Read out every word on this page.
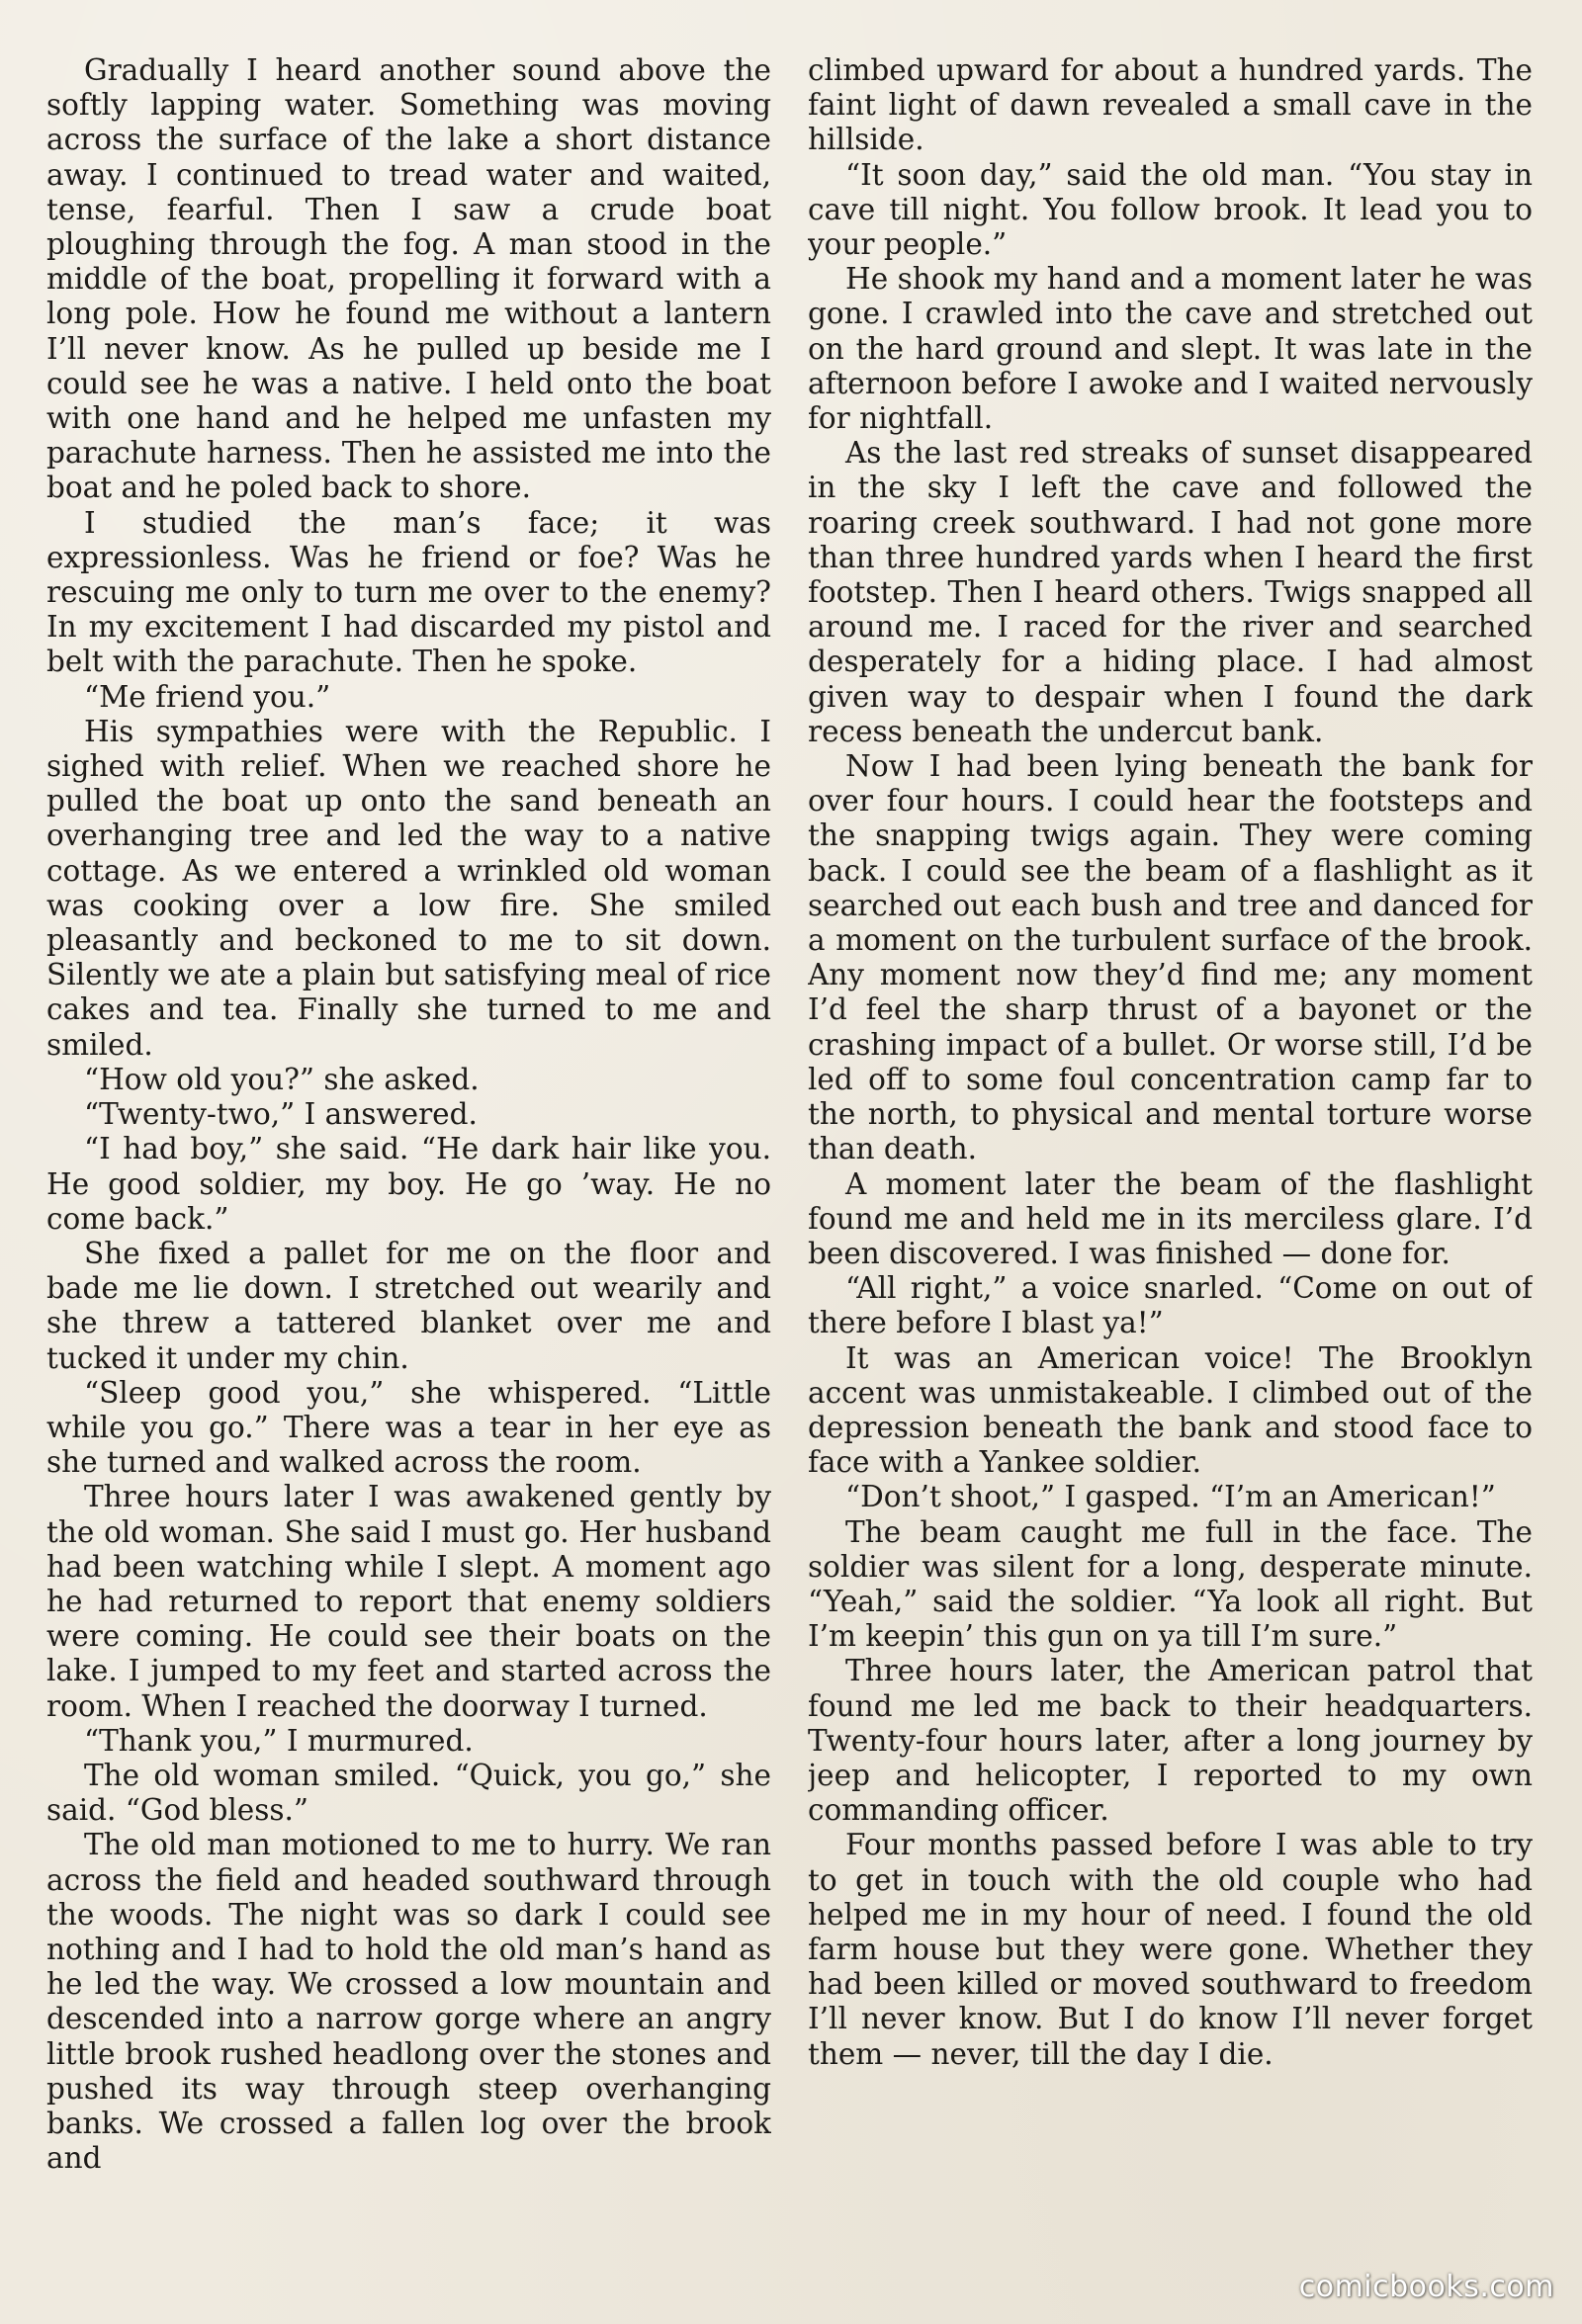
Gradually I heard another sound above the softly lapping water. Something was moving across the surface of the lake a short distance away. I continued to tread water and waited, tense, fearful. Then I saw a crude boat ploughing through the fog. A man stood in the middle of the boat, propelling it forward with a long pole. How he found me without a lantern I’ll never know. As he pulled up beside me I could see he was a native. I held onto the boat with one hand and he helped me unfasten my parachute harness. Then he assisted me into the boat and he poled back to shore.

I studied the man’s face; it was expressionless. Was he friend or foe? Was he rescuing me only to turn me over to the enemy? In my excitement I had discarded my pistol and belt with the parachute. Then he spoke.

“Me friend you.”

His sympathies were with the Republic. I sighed with relief. When we reached shore he pulled the boat up onto the sand beneath an overhanging tree and led the way to a native cottage. As we entered a wrinkled old woman was cooking over a low fire. She smiled pleasantly and beckoned to me to sit down. Silently we ate a plain but satisfying meal of rice cakes and tea. Finally she turned to me and smiled.

“How old you?” she asked.

“Twenty-two,” I answered.

“I had boy,” she said. “He dark hair like you. He good soldier, my boy. He go ’way. He no come back.”

She fixed a pallet for me on the floor and bade me lie down. I stretched out wearily and she threw a tattered blanket over me and tucked it under my chin.

“Sleep good you,” she whispered. “Little while you go.” There was a tear in her eye as she turned and walked across the room.

Three hours later I was awakened gently by the old woman. She said I must go. Her husband had been watching while I slept. A moment ago he had returned to report that enemy soldiers were coming. He could see their boats on the lake. I jumped to my feet and started across the room. When I reached the doorway I turned.

“Thank you,” I murmured.

The old woman smiled. “Quick, you go,” she said. “God bless.”

The old man motioned to me to hurry. We ran across the field and headed southward through the woods. The night was so dark I could see nothing and I had to hold the old man’s hand as he led the way. We crossed a low mountain and descended into a narrow gorge where an angry little brook rushed headlong over the stones and pushed its way through steep overhanging banks. We crossed a fallen log over the brook and

climbed upward for about a hundred yards. The faint light of dawn revealed a small cave in the hillside.

“It soon day,” said the old man. “You stay in cave till night. You follow brook. It lead you to your people.”

He shook my hand and a moment later he was gone. I crawled into the cave and stretched out on the hard ground and slept. It was late in the afternoon before I awoke and I waited nervously for nightfall.

As the last red streaks of sunset disappeared in the sky I left the cave and followed the roaring creek southward. I had not gone more than three hundred yards when I heard the first footstep. Then I heard others. Twigs snapped all around me. I raced for the river and searched desperately for a hiding place. I had almost given way to despair when I found the dark recess beneath the undercut bank.

Now I had been lying beneath the bank for over four hours. I could hear the footsteps and the snapping twigs again. They were coming back. I could see the beam of a flashlight as it searched out each bush and tree and danced for a moment on the turbulent surface of the brook. Any moment now they’d find me; any moment I’d feel the sharp thrust of a bayonet or the crashing impact of a bullet. Or worse still, I’d be led off to some foul concentration camp far to the north, to physical and mental torture worse than death.

A moment later the beam of the flashlight found me and held me in its merciless glare. I’d been discovered. I was finished — done for.

“All right,” a voice snarled. “Come on out of there before I blast ya!”

It was an American voice! The Brooklyn accent was unmistakeable. I climbed out of the depression beneath the bank and stood face to face with a Yankee soldier.

“Don’t shoot,” I gasped. “I’m an American!”

The beam caught me full in the face. The soldier was silent for a long, desperate minute. “Yeah,” said the soldier. “Ya look all right. But I’m keepin’ this gun on ya till I’m sure.”

Three hours later, the American patrol that found me led me back to their headquarters. Twenty-four hours later, after a long journey by jeep and helicopter, I reported to my own commanding officer.

Four months passed before I was able to try to get in touch with the old couple who had helped me in my hour of need. I found the old farm house but they were gone. Whether they had been killed or moved southward to freedom I’ll never know. But I do know I’ll never forget them — never, till the day I die.

comicbooks.com
